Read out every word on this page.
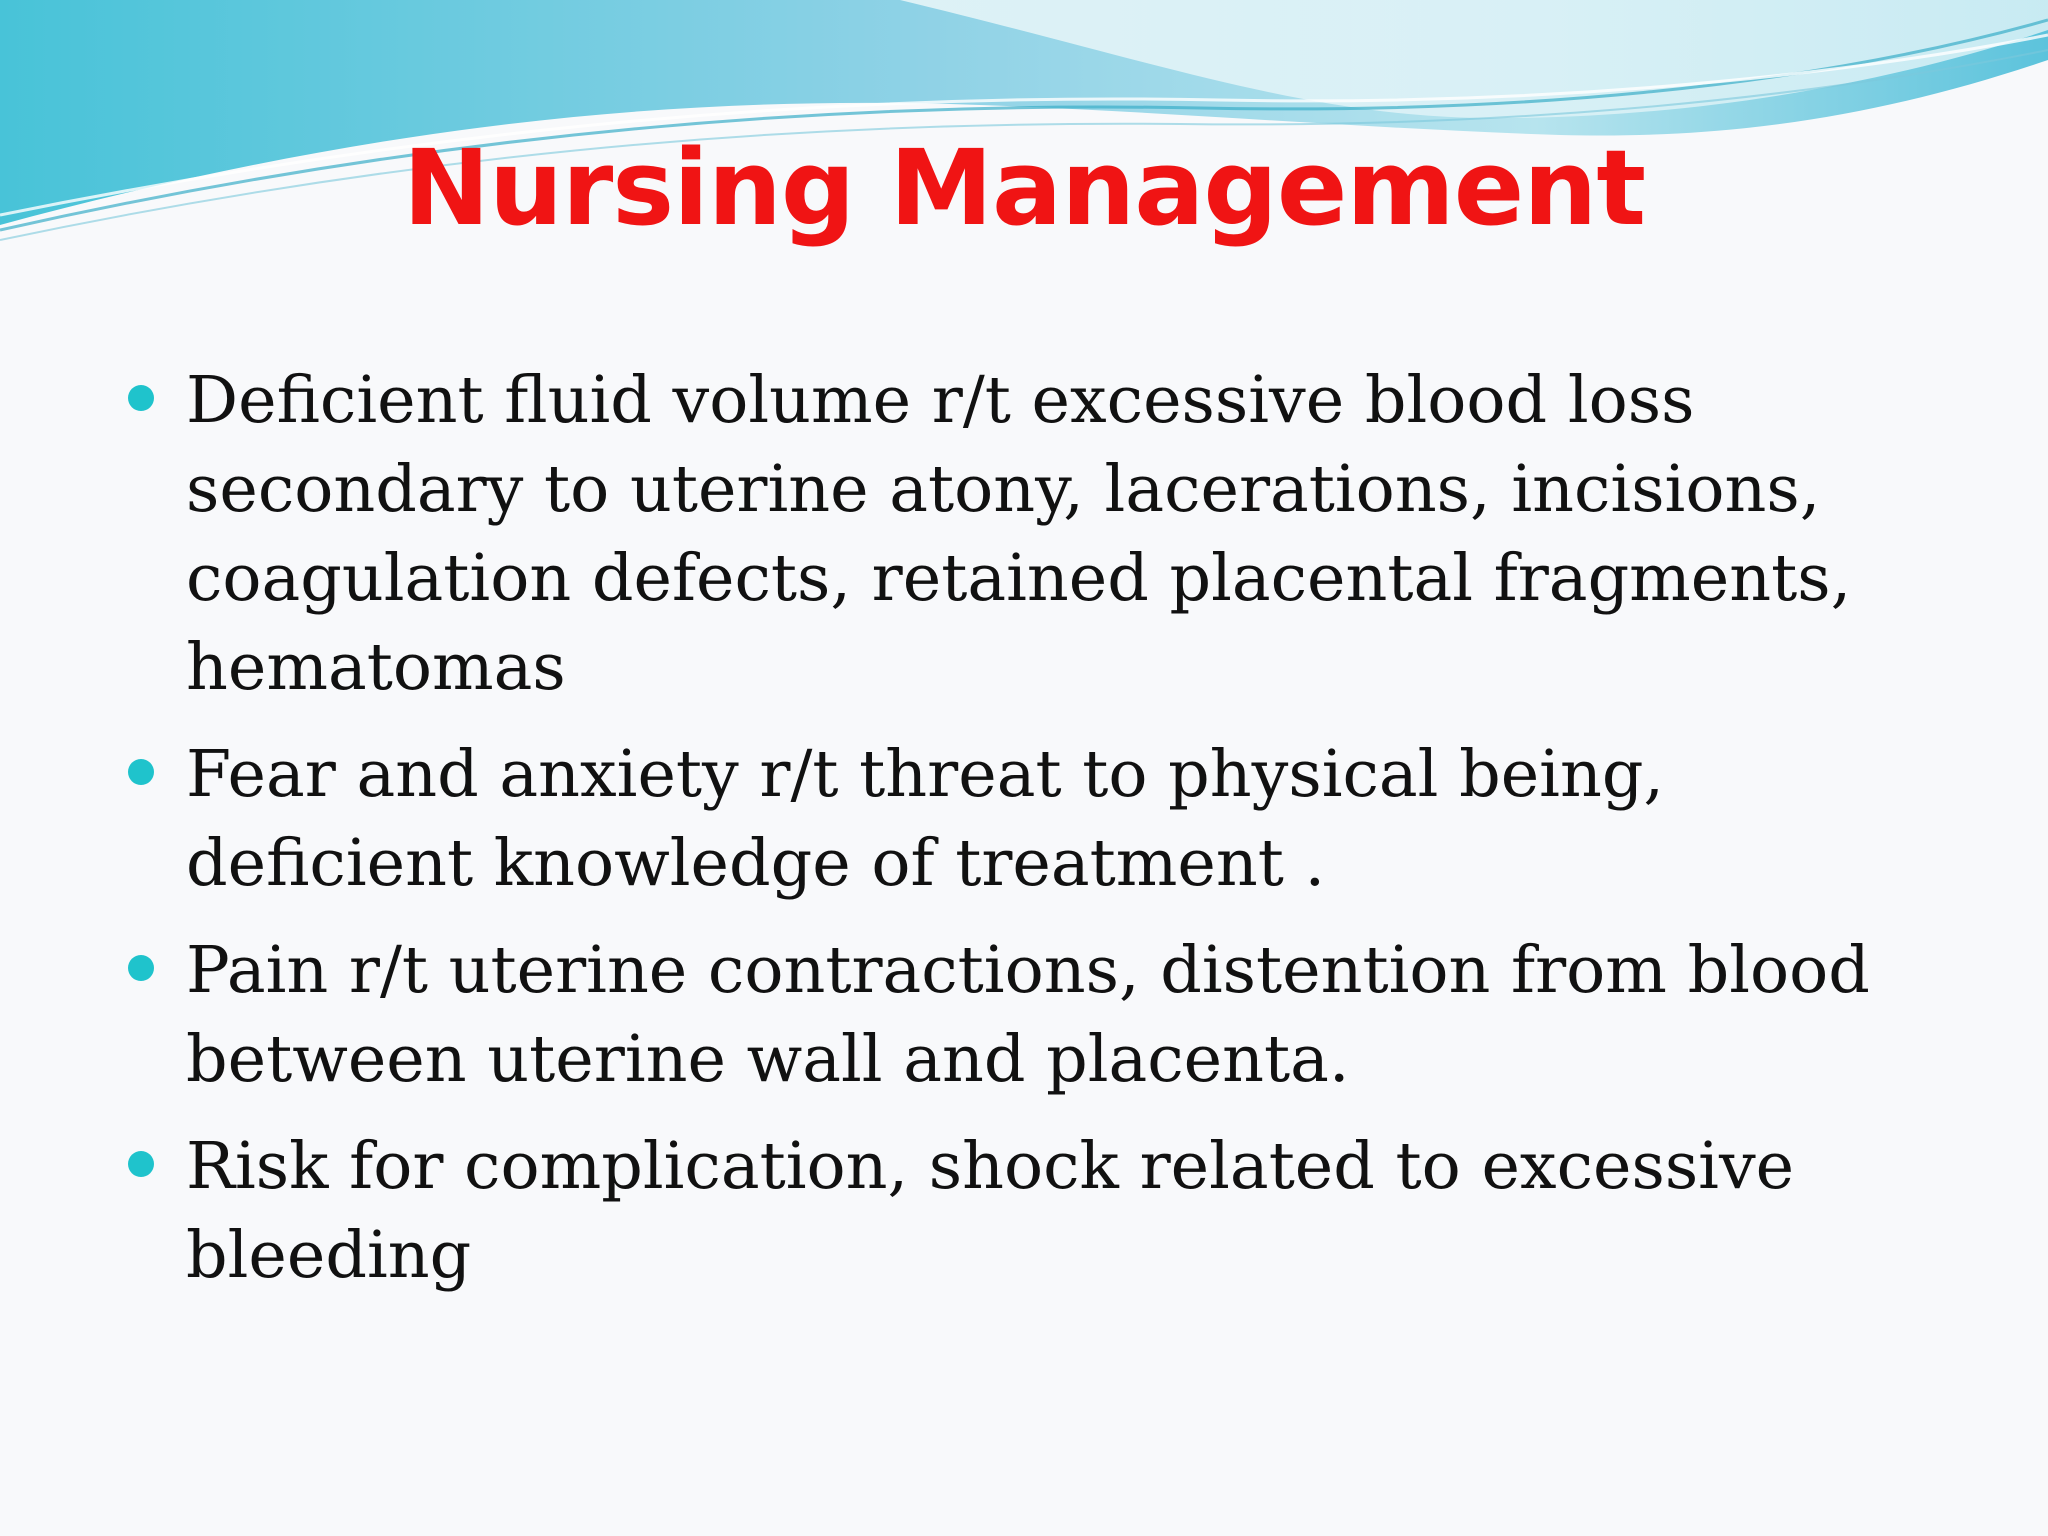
Nursing Management
Deficient fluid volume r/t excessive blood loss secondary to uterine atony, lacerations, incisions, coagulation defects, retained placental fragments, hematomas
Fear and anxiety r/t threat to physical being, deficient knowledge of treatment .
Pain r/t uterine contractions, distention from blood between uterine wall and placenta.
Risk for complication, shock related to excessive bleeding
